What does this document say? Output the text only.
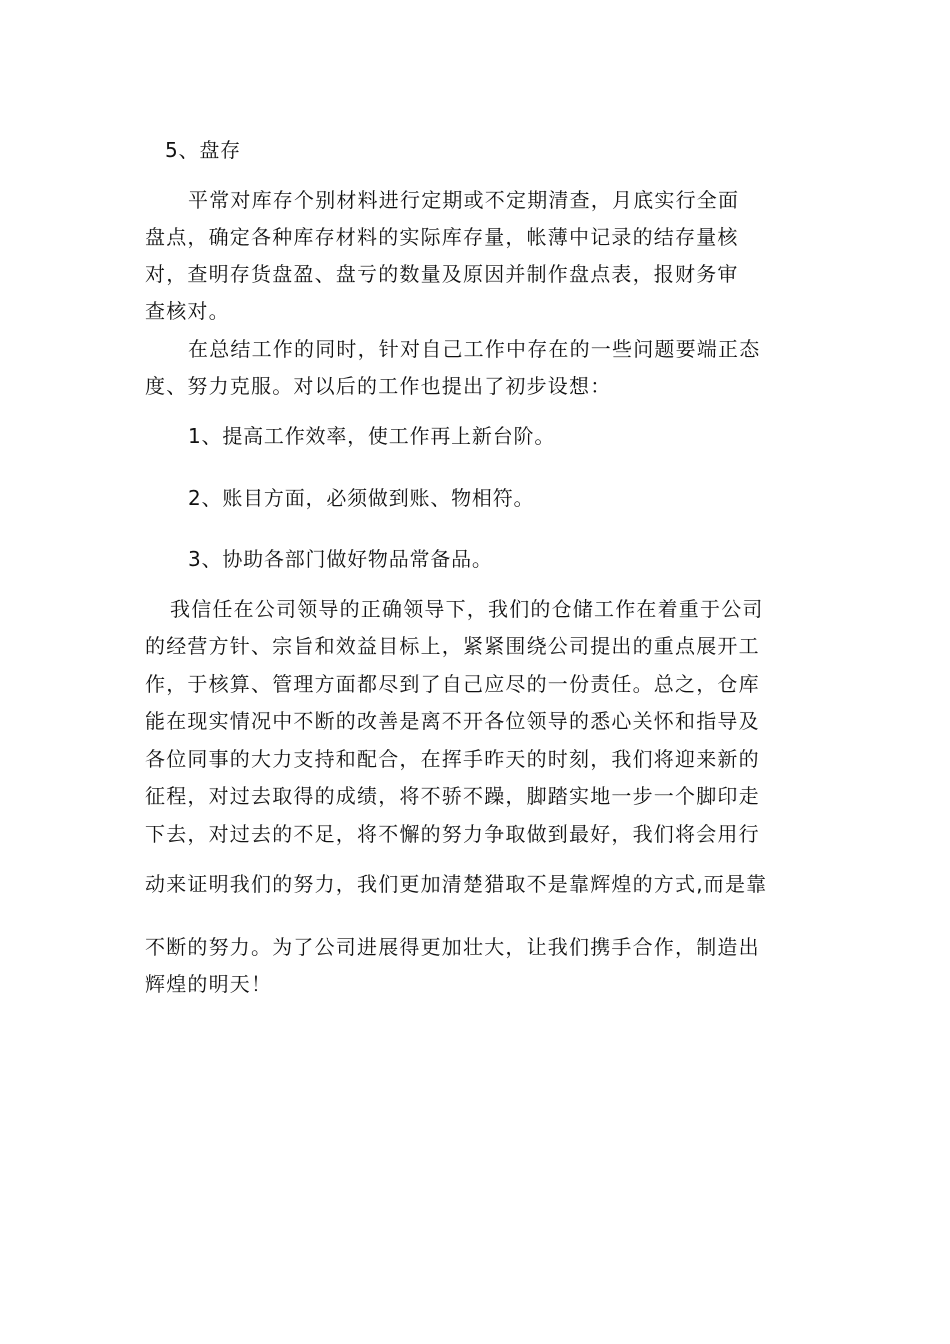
5、盘存
平常对库存个别材料进行定期或不定期清查，月底实行全面
盘点，确定各种库存材料的实际库存量，帐薄中记录的结存量核
对，查明存货盘盈、盘亏的数量及原因并制作盘点表，报财务审
查核对。
在总结工作的同时，针对自己工作中存在的一些问题要端正态
度、努力克服。对以后的工作也提出了初步设想：
1、提高工作效率，使工作再上新台阶。
2、账目方面，必须做到账、物相符。
3、协助各部门做好物品常备品。
我信任在公司领导的正确领导下，我们的仓储工作在着重于公司
的经营方针、宗旨和效益目标上，紧紧围绕公司提出的重点展开工
作，于核算、管理方面都尽到了自己应尽的一份责任。总之，仓库
能在现实情况中不断的改善是离不开各位领导的悉心关怀和指导及
各位同事的大力支持和配合，在挥手昨天的时刻，我们将迎来新的
征程，对过去取得的成绩，将不骄不躁，脚踏实地一步一个脚印走
下去，对过去的不足，将不懈的努力争取做到最好，我们将会用行
动来证明我们的努力，我们更加清楚猎取不是靠辉煌的方式,而是靠
不断的努力。为了公司进展得更加壮大，让我们携手合作，制造出
辉煌的明天！
